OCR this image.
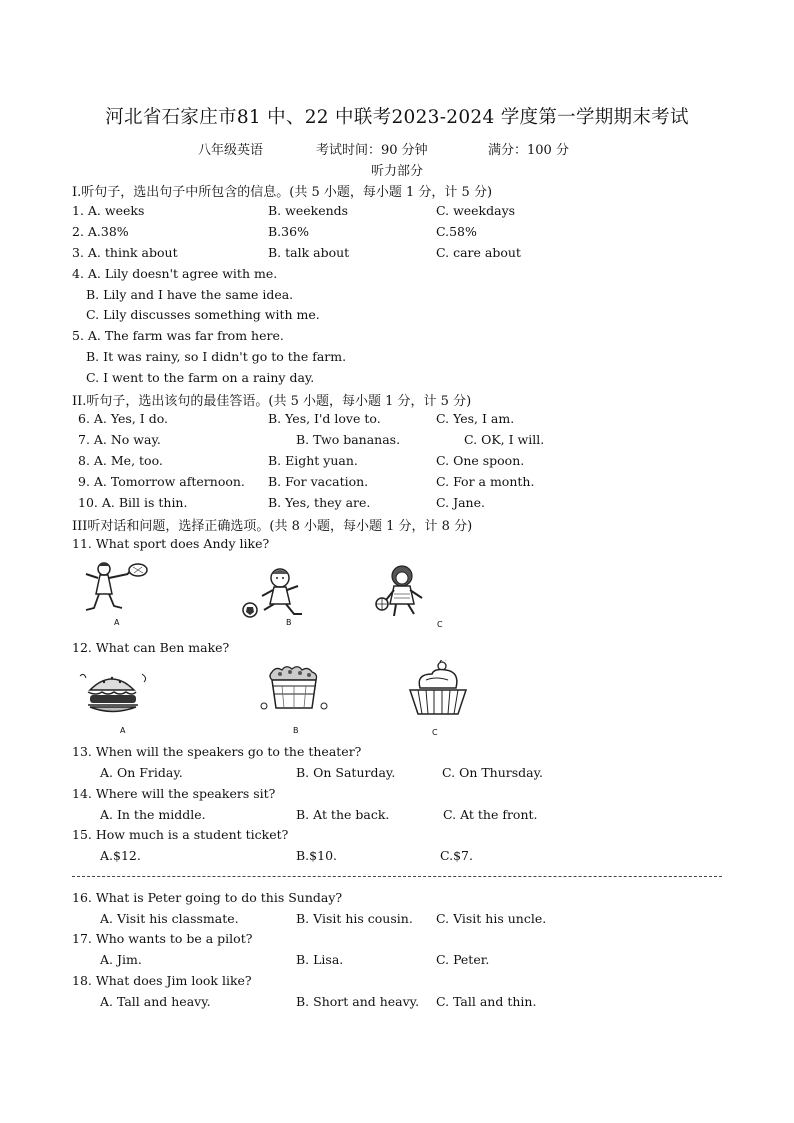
河北省石家庄市81 中、22 中联考2023-2024 学度第一学期期末考试
八年级英语	考试时间：90 分钟	满分：100 分
听力部分
I.听句子，选出句子中所包含的信息。(共 5 小题，每小题 1 分，计 5 分)
1. A. weeks	B. weekends	C. weekdays
2. A.38%	B.36%	C.58%
3. A. think about	B. talk about	C. care about
4. A. Lily doesn't agree with me.
B. Lily and I have the same idea.
C. Lily discusses something with me.
5. A. The farm was far from here.
B. It was rainy, so I didn't go to the farm.
C. I went to the farm on a rainy day.
II.听句子，选出该句的最佳答语。(共 5 小题，每小题 1 分，计 5 分)
6. A. Yes, I do.	B. Yes, I'd love to.	C. Yes, I am.
7. A. No way.	B. Two bananas.	C. OK, I will.
8. A. Me, too.	B. Eight yuan.	C. One spoon.
9. A. Tomorrow afternoon. B. For vacation.	C. For a month.
10. A. Bill is thin.	B. Yes, they are.	C. Jane.
III听对话和问题，选择正确选项。(共 8 小题，每小题 1 分，计 8 分)
11. What sport does Andy like?
A	B	C
12. What can Ben make?
A	B	C
13. When will the speakers go to the theater?
A. On Friday.	B. On Saturday.	C. On Thursday.
14. Where will the speakers sit?
A. In the middle.	B. At the back.	C. At the front.
15. How much is a student ticket?
A.$12.	B.$10.	C.$7.
16. What is Peter going to do this Sunday?
A. Visit his classmate.	B. Visit his cousin. C. Visit his uncle.
17. Who wants to be a pilot?
A. Jim.	B. Lisa.	C. Peter.
18. What does Jim look like?
A. Tall and heavy.	B. Short and heavy. C. Tall and thin.
